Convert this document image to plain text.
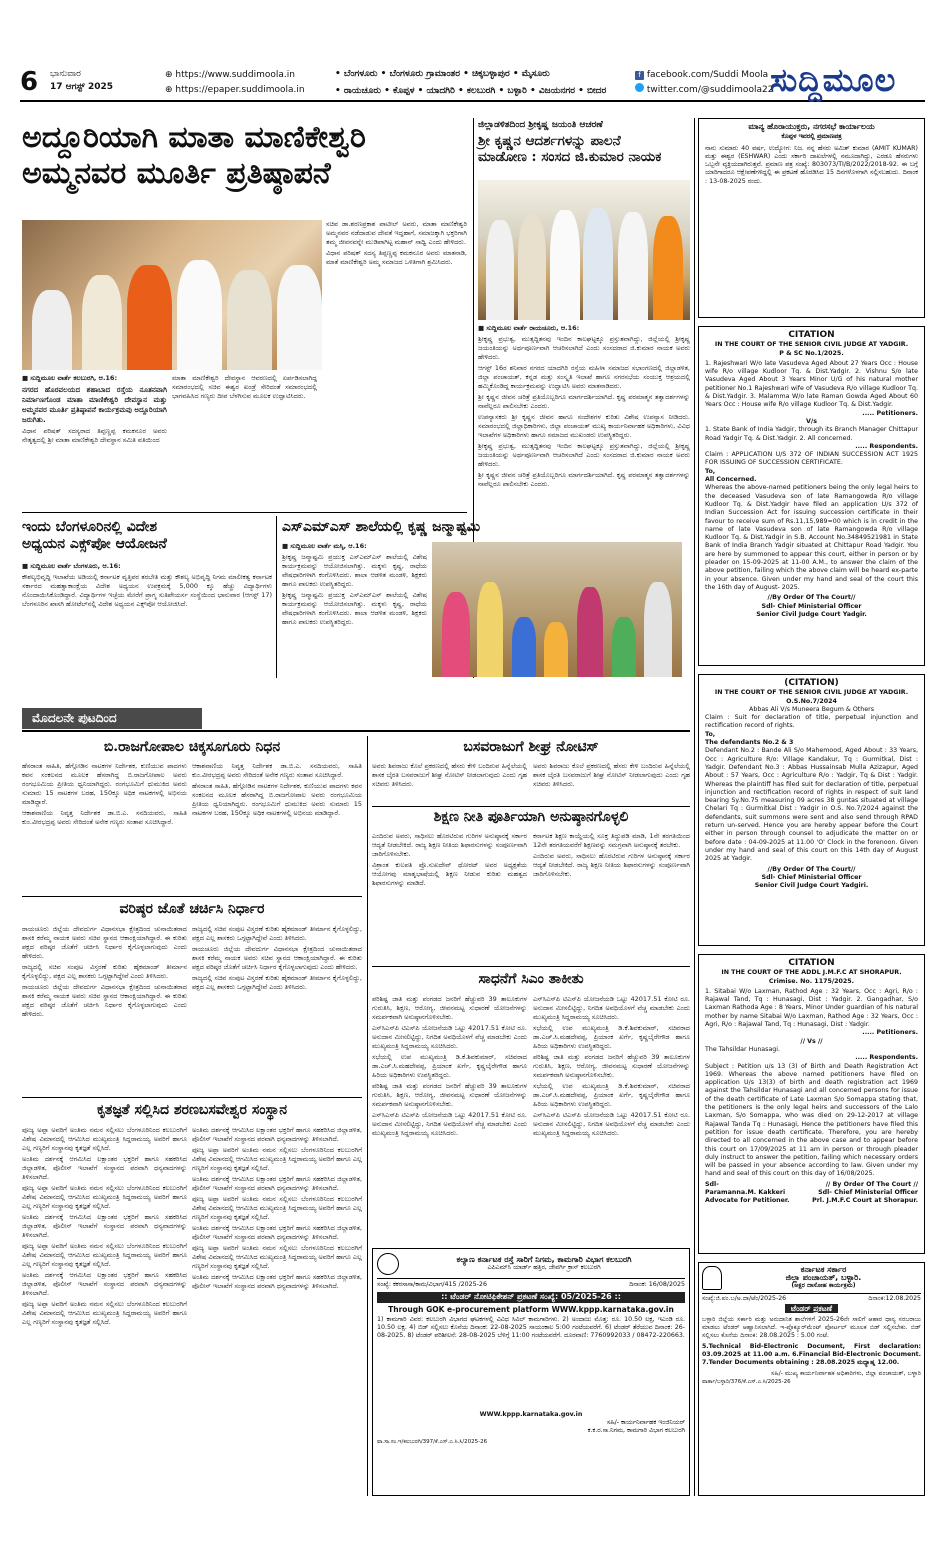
6 ಭಾನುವಾರ
17 ಆಗಸ್ಟ್ 2025
⊕ https://www.suddimoola.in
⊕ https://epaper.suddimoola.in
• ಬೆಂಗಳೂರು • ಬೆಂಗಳೂರು ಗ್ರಾಮಾಂತರ • ಚಿಕ್ಕಬಳ್ಳಾಪುರ • ಮೈಸೂರು
• ರಾಯಚೂರು • ಕೊಪ್ಪಳ • ಯಾದಗಿರಿ • ಕಲಬುರಗಿ • ಬಳ್ಳಾರಿ • ವಿಜಯನಗರ • ಬೀದರ
f facebook.com/Suddi Moola
twitter.com/@suddimoola22
ಸುದ್ದಿಮೂಲ
ಅದ್ದೂರಿಯಾಗಿ ಮಾತಾ ಮಾಣಿಕೇಶ್ವರಿ
ಅಮ್ಮನವರ ಮೂರ್ತಿ ಪ್ರತಿಷ್ಠಾಪನೆ

■ ಸುದ್ದಿಮೂಲ ವಾರ್ತೆ ಕಲಬುರಗಿ, ಆ.16:

ನಗರದ ಹೊರವಲಯದ ಶಹಾಬಾದ ರಸ್ತೆಯ ನೂತನವಾಗಿ ನಿರ್ಮಾಣಗೊಂಡ ಮಾತಾ ಮಾಣಿಕೇಶ್ವರಿ ದೇವಸ್ಥಾನ ಮತ್ತು ಅಮ್ಮನವರ ಮೂರ್ತಿ ಪ್ರತಿಷ್ಠಾಪನೆ ಕಾರ್ಯಕ್ರಮವು ಅದ್ದೂರಿಯಾಗಿ ಜರುಗಿತು.

ವಿಧಾನ ಪರಿಷತ್ ಸದಸ್ಯರಾದ ತಿಪ್ಪಣ್ಣಪ್ಪ ಕಮಕನೂರ ಅವರು ನೇತೃತ್ವದಲ್ಲಿ ಶ್ರೀ ಮಾತಾ ಮಾಣಿಕೇಶ್ವರಿ ದೇವಸ್ಥಾನ ಸಮಿತಿ ವತಿಯಿಂದ

ಮಾತಾ ಮಾಣಿಕೇಶ್ವರಿ ದೇವಸ್ಥಾನ ಆವರಣದಲ್ಲಿ ಏರ್ಪಡಿಸಲಾಗಿದ್ದ ಸಮಾರಂಭದಲ್ಲಿ ಸಚಿವ ಈಶ್ವರ ಖಂಡ್ರೆ ಸೇರಿದಂತೆ ಸಮಾರಂಭದಲ್ಲಿ ಭಾಗವಹಿಸಿದ ಗಣ್ಯರು ದೀಪ ಬೆಳಗಿಸುವ ಮೂಲಕ ಉದ್ಘಾಟಿಸಿದರು.

ಸಚಿವ ಡಾ.ಶರಣಪ್ರಕಾಶ ಪಾಟೀಲ್ ಅವರು, ಮಾತಾ ಮಾಣಿಕೇಶ್ವರಿ ಅಮ್ಮನವರ ನಡೆದಾಡುವ ದೇವತೆ ಇದ್ದಹಾಗೆ, ಸಮಾಜಕ್ಕಾಗಿ ಭಕ್ತರಿಗಾಗಿ ತಮ್ಮ ಜೀವನವನ್ನೇ ಮುಡಿಪಾಗಿಟ್ಟ ಮಹಾನ್ ಸಾಧ್ವಿ ಎಂದು ಹೇಳಿದರು.

ವಿಧಾನ ಪರಿಷತ್ ಸದಸ್ಯ ತಿಪ್ಪಣ್ಣಪ್ಪ ಕಮಕನೂರ ಅವರು ಮಾತನಾಡಿ, ಮಾತೆ ಮಾಣಿಕೇಶ್ವರಿ ಅಮ್ಮ ಸಮಾಜದ ಒಳಿತಿಗಾಗಿ ಶ್ರಮಿಸಿದರು.

ಜಿಲ್ಲಾಡಳಿತದಿಂದ ಶ್ರೀಕೃಷ್ಣ ಜಯಂತಿ ಆಚರಣೆ
ಶ್ರೀ ಕೃಷ್ಣನ ಆದರ್ಶಗಳನ್ನು ಪಾಲನೆ
ಮಾಡೋಣ : ಸಂಸದ ಜಿ.ಕುಮಾರ ನಾಯಕ

■ ಸುದ್ದಿಮೂಲ ವಾರ್ತೆ ರಾಯಚೂರು, ಆ.16:

ಶ್ರೀಕೃಷ್ಣ ಪ್ರಭುತ್ವ, ಮುತ್ಸದ್ದಿತನವು ಇಂದಿನ ಕಾಲಘಟ್ಟಕ್ಕೂ ಪ್ರಸ್ತುತವಾಗಿದ್ದು, ಜಿಲ್ಲೆಯಲ್ಲಿ ಶ್ರೀಕೃಷ್ಣ ಜಯಂತಿಯನ್ನು ಅರ್ಥಪೂರ್ಣವಾಗಿ ಆಚರಿಸಲಾಗಿದೆ ಎಂದು ಸಂಸದರಾದ ಜಿ.ಕುಮಾರ ನಾಯಕ ಅವರು ಹೇಳಿದರು.

ಆಗಸ್ಟ್ 16ರ ಶನಿವಾರ ನಗರದ ಯಾದಗಿರಿ ರಸ್ತೆಯ ಮಹಿಳಾ ಸಮಾಜದ ಸಭಾಂಗಣದಲ್ಲಿ ಜಿಲ್ಲಾಡಳಿತ, ಜಿಲ್ಲಾ ಪಂಚಾಯತ್, ಕನ್ನಡ ಮತ್ತು ಸಂಸ್ಕೃತಿ ಇಲಾಖೆ ಹಾಗೂ ನಗರಸಭೆಯ ಸಂಯುಕ್ತ ಆಶ್ರಯದಲ್ಲಿ ಹಮ್ಮಿಕೊಂಡಿದ್ದ ಕಾರ್ಯಕ್ರಮವನ್ನು ಉದ್ಘಾಟಿಸಿ ಅವರು ಮಾತನಾಡಿದರು.

ಶ್ರೀ ಕೃಷ್ಣನ ಜೀವನ ಚರಿತ್ರೆ ಪ್ರತಿಯೊಬ್ಬರಿಗೂ ಮಾರ್ಗದರ್ಶಿಯಾಗಿದೆ. ಕೃಷ್ಣ ಪರಮಾತ್ಮನ ತತ್ವಾದರ್ಶಗಳನ್ನು ನಾವೆಲ್ಲರೂ ಪಾಲಿಸಬೇಕು ಎಂದರು.

ಉಪನ್ಯಾಸಕರು ಶ್ರೀ ಕೃಷ್ಣನ ಜೀವನ ಹಾಗೂ ಸಂದೇಶಗಳ ಕುರಿತು ವಿಶೇಷ ಉಪನ್ಯಾಸ ನೀಡಿದರು. ಸಮಾರಂಭದಲ್ಲಿ ಜಿಲ್ಲಾಧಿಕಾರಿಗಳು, ಜಿಲ್ಲಾ ಪಂಚಾಯತ್ ಮುಖ್ಯ ಕಾರ್ಯನಿರ್ವಾಹಕ ಅಧಿಕಾರಿಗಳು, ವಿವಿಧ ಇಲಾಖೆಗಳ ಅಧಿಕಾರಿಗಳು ಹಾಗೂ ಸಮಾಜದ ಮುಖಂಡರು ಉಪಸ್ಥಿತರಿದ್ದರು.

ಶ್ರೀಕೃಷ್ಣ ಪ್ರಭುತ್ವ, ಮುತ್ಸದ್ದಿತನವು ಇಂದಿನ ಕಾಲಘಟ್ಟಕ್ಕೂ ಪ್ರಸ್ತುತವಾಗಿದ್ದು, ಜಿಲ್ಲೆಯಲ್ಲಿ ಶ್ರೀಕೃಷ್ಣ ಜಯಂತಿಯನ್ನು ಅರ್ಥಪೂರ್ಣವಾಗಿ ಆಚರಿಸಲಾಗಿದೆ ಎಂದು ಸಂಸದರಾದ ಜಿ.ಕುಮಾರ ನಾಯಕ ಅವರು ಹೇಳಿದರು.

ಶ್ರೀ ಕೃಷ್ಣನ ಜೀವನ ಚರಿತ್ರೆ ಪ್ರತಿಯೊಬ್ಬರಿಗೂ ಮಾರ್ಗದರ್ಶಿಯಾಗಿದೆ. ಕೃಷ್ಣ ಪರಮಾತ್ಮನ ತತ್ವಾದರ್ಶಗಳನ್ನು ನಾವೆಲ್ಲರೂ ಪಾಲಿಸಬೇಕು ಎಂದರು.

ಇಂದು ಬೆಂಗಳೂರಿನಲ್ಲಿ ವಿದೇಶ
ಅಧ್ಯಯನ ಎಕ್ಸ್‌ಪೋ ಆಯೋಜನೆ

■ ಸುದ್ದಿಮೂಲ ವಾರ್ತೆ ಬೆಂಗಳೂರು, ಆ.16:

ಕೌಶಲ್ಯಭಿವೃದ್ಧಿ ಇಲಾಖೆಯ ಅಡಿಯಲ್ಲಿ ಕರ್ನಾಟಕ ವೃತ್ತಿಪರ ತರಬೇತಿ ಮತ್ತು ಕೌಶಲ್ಯ ಅಭಿವೃದ್ಧಿ ನಿಗಮ ಮಾಲೀಕತ್ವ ಕರ್ನಾಟಕ ಸರ್ಕಾರದ ಮಹತ್ವಾಕಾಂಕ್ಷೆಯ ವಿದೇಶ ಅಧ್ಯಯನ ಉಪಕ್ರಮಕ್ಕೆ 5,000 ಕ್ಕೂ ಹೆಚ್ಚು ವಿದ್ಯಾರ್ಥಿಗಳು ನೊಂದಾಯಿಸಿಕೊಂಡಿದ್ದಾರೆ. ವಿದ್ಯಾರ್ಥಿಗಳ ಇಚ್ಛೆಯ ಮೇರೆಗೆ ಪ್ರಾಗ್ಮ ಸುತಿಪೇಯರ್ಸ ಸಂಸ್ಥೆಯಿಂದ ಭಾನುವಾರ (ಆಗಸ್ಟ್ 17) ಬೆಂಗಳೂರಿನ ಖಾಸಗಿ ಹೋಟೆಲ್‌ನಲ್ಲಿ ವಿದೇಶ ಅಧ್ಯಯನ ಎಕ್ಸ್‌ಪೋ ಆಯೋಜಿಸಿದೆ.

ಎಸ್‌ಎಮ್‌ಎಸ್ ಶಾಲೆಯಲ್ಲಿ ಕೃಷ್ಣ ಜನ್ಮಾಷ್ಟಮಿ

■ ಸುದ್ದಿಮೂಲ ವಾರ್ತೆ ಮಸ್ಕಿ, ಆ.16:

ಶ್ರೀಕೃಷ್ಣ ಜನ್ಮಾಷ್ಟಮಿ ಪ್ರಯುಕ್ತ ಎಸ್‌ಎಮ್‌ಎಸ್ ಶಾಲೆಯಲ್ಲಿ ವಿಶೇಷ ಕಾರ್ಯಕ್ರಮವನ್ನು ಆಯೋಜಿಸಲಾಗಿತ್ತು. ಮಕ್ಕಳು ಕೃಷ್ಣ, ರಾಧೆಯ ವೇಷಧಾರಿಗಳಾಗಿ ಕಂಗೊಳಿಸಿದರು. ಶಾಲಾ ಆಡಳಿತ ಮಂಡಳಿ, ಶಿಕ್ಷಕರು ಹಾಗೂ ಪಾಲಕರು ಉಪಸ್ಥಿತರಿದ್ದರು.

ಶ್ರೀಕೃಷ್ಣ ಜನ್ಮಾಷ್ಟಮಿ ಪ್ರಯುಕ್ತ ಎಸ್‌ಎಮ್‌ಎಸ್ ಶಾಲೆಯಲ್ಲಿ ವಿಶೇಷ ಕಾರ್ಯಕ್ರಮವನ್ನು ಆಯೋಜಿಸಲಾಗಿತ್ತು. ಮಕ್ಕಳು ಕೃಷ್ಣ, ರಾಧೆಯ ವೇಷಧಾರಿಗಳಾಗಿ ಕಂಗೊಳಿಸಿದರು. ಶಾಲಾ ಆಡಳಿತ ಮಂಡಳಿ, ಶಿಕ್ಷಕರು ಹಾಗೂ ಪಾಲಕರು ಉಪಸ್ಥಿತರಿದ್ದರು.

ಮೊದಲನೇ ಪುಟದಿಂದ
ಬಿ.ರಾಜಗೋಪಾಲ ಚಿಕ್ಕಸೂಗೂರು ನಿಧನ

ಹೆಸರಾಂತ ಸಾಹಿತಿ, ಹೆಗ್ಗೋಡಿನ ನಾಟಕಗಳ ನಿರ್ದೇಶಕ, ಕುಣಿಯುವ ಪಾದಗಳು ಕವನ ಸಂಕಲನದ ಮೂಲಕ ಹೆಸರಾಗಿದ್ದ ಬಿ.ರಾಜಗೋಪಾಲ ಅವರು ರಂಗಭೂಮಿಯ ಪ್ರೀತಿಯ ಧ್ವನಿಯಾಗಿದ್ದರು. ರಂಗಭೂಮಿಗೆ ಧುಮುಕಿದ ಅವರು ಸುಮಾರು 15 ನಾಟಕಗಳ ಬರಹ, 150ಕ್ಕೂ ಅಧಿಕ ನಾಟಕಗಳಲ್ಲಿ ಅಭಿನಯ ಮಾಡಿದ್ದಾರೆ.

ಆಕಾಶವಾಣಿಯ ನಿವೃತ್ತ ನಿರ್ದೇಶಕ ಡಾ.ಬಿ.ಎ. ಸನದಿಯವರು, ಸಾಹಿತಿ ಕುಂ.ವೀರಭದ್ರಪ್ಪ ಅವರು ಸೇರಿದಂತೆ ಅನೇಕ ಗಣ್ಯರು ಸಂತಾಪ ಸೂಚಿಸಿದ್ದಾರೆ.

ಆಕಾಶವಾಣಿಯ ನಿವೃತ್ತ ನಿರ್ದೇಶಕ ಡಾ.ಬಿ.ಎ. ಸನದಿಯವರು, ಸಾಹಿತಿ ಕುಂ.ವೀರಭದ್ರಪ್ಪ ಅವರು ಸೇರಿದಂತೆ ಅನೇಕ ಗಣ್ಯರು ಸಂತಾಪ ಸೂಚಿಸಿದ್ದಾರೆ.

ಹೆಸರಾಂತ ಸಾಹಿತಿ, ಹೆಗ್ಗೋಡಿನ ನಾಟಕಗಳ ನಿರ್ದೇಶಕ, ಕುಣಿಯುವ ಪಾದಗಳು ಕವನ ಸಂಕಲನದ ಮೂಲಕ ಹೆಸರಾಗಿದ್ದ ಬಿ.ರಾಜಗೋಪಾಲ ಅವರು ರಂಗಭೂಮಿಯ ಪ್ರೀತಿಯ ಧ್ವನಿಯಾಗಿದ್ದರು. ರಂಗಭೂಮಿಗೆ ಧುಮುಕಿದ ಅವರು ಸುಮಾರು 15 ನಾಟಕಗಳ ಬರಹ, 150ಕ್ಕೂ ಅಧಿಕ ನಾಟಕಗಳಲ್ಲಿ ಅಭಿನಯ ಮಾಡಿದ್ದಾರೆ.

ವರಿಷ್ಠರ ಜೊತೆ ಚರ್ಚಿಸಿ ನಿರ್ಧಾರ

ರಾಯಚೂರು ಜಿಲ್ಲೆಯ ದೇವದುರ್ಗ ವಿಧಾನಸಭಾ ಕ್ಷೇತ್ರದಿಂದ ಚುನಾಯಿತರಾದ ಶಾಸಕಿ ಕರೆಮ್ಮ ನಾಯಕ ಅವರು ಸಚಿವ ಸ್ಥಾನದ ಆಕಾಂಕ್ಷಿಯಾಗಿದ್ದಾರೆ. ಈ ಕುರಿತು ಪಕ್ಷದ ವರಿಷ್ಠರ ಜೊತೆಗೆ ಚರ್ಚಿಸಿ ನಿರ್ಧಾರ ಕೈಗೊಳ್ಳಲಾಗುವುದು ಎಂದು ಹೇಳಿದರು.

ರಾಜ್ಯದಲ್ಲಿ ಸಚಿವ ಸಂಪುಟ ವಿಸ್ತರಣೆ ಕುರಿತು ಹೈಕಮಾಂಡ್ ತೀರ್ಮಾನ ಕೈಗೊಳ್ಳಲಿದ್ದು, ಪಕ್ಷದ ಎಲ್ಲ ಶಾಸಕರು ಒಗ್ಗಟ್ಟಾಗಿದ್ದೇವೆ ಎಂದು ತಿಳಿಸಿದರು.

ರಾಯಚೂರು ಜಿಲ್ಲೆಯ ದೇವದುರ್ಗ ವಿಧಾನಸಭಾ ಕ್ಷೇತ್ರದಿಂದ ಚುನಾಯಿತರಾದ ಶಾಸಕಿ ಕರೆಮ್ಮ ನಾಯಕ ಅವರು ಸಚಿವ ಸ್ಥಾನದ ಆಕಾಂಕ್ಷಿಯಾಗಿದ್ದಾರೆ. ಈ ಕುರಿತು ಪಕ್ಷದ ವರಿಷ್ಠರ ಜೊತೆಗೆ ಚರ್ಚಿಸಿ ನಿರ್ಧಾರ ಕೈಗೊಳ್ಳಲಾಗುವುದು ಎಂದು ಹೇಳಿದರು.

ರಾಜ್ಯದಲ್ಲಿ ಸಚಿವ ಸಂಪುಟ ವಿಸ್ತರಣೆ ಕುರಿತು ಹೈಕಮಾಂಡ್ ತೀರ್ಮಾನ ಕೈಗೊಳ್ಳಲಿದ್ದು, ಪಕ್ಷದ ಎಲ್ಲ ಶಾಸಕರು ಒಗ್ಗಟ್ಟಾಗಿದ್ದೇವೆ ಎಂದು ತಿಳಿಸಿದರು.

ರಾಯಚೂರು ಜಿಲ್ಲೆಯ ದೇವದುರ್ಗ ವಿಧಾನಸಭಾ ಕ್ಷೇತ್ರದಿಂದ ಚುನಾಯಿತರಾದ ಶಾಸಕಿ ಕರೆಮ್ಮ ನಾಯಕ ಅವರು ಸಚಿವ ಸ್ಥಾನದ ಆಕಾಂಕ್ಷಿಯಾಗಿದ್ದಾರೆ. ಈ ಕುರಿತು ಪಕ್ಷದ ವರಿಷ್ಠರ ಜೊತೆಗೆ ಚರ್ಚಿಸಿ ನಿರ್ಧಾರ ಕೈಗೊಳ್ಳಲಾಗುವುದು ಎಂದು ಹೇಳಿದರು.

ರಾಜ್ಯದಲ್ಲಿ ಸಚಿವ ಸಂಪುಟ ವಿಸ್ತರಣೆ ಕುರಿತು ಹೈಕಮಾಂಡ್ ತೀರ್ಮಾನ ಕೈಗೊಳ್ಳಲಿದ್ದು, ಪಕ್ಷದ ಎಲ್ಲ ಶಾಸಕರು ಒಗ್ಗಟ್ಟಾಗಿದ್ದೇವೆ ಎಂದು ತಿಳಿಸಿದರು.

ಕೃತಜ್ಞತೆ ಸಲ್ಲಿಸಿದ ಶರಣಬಸವೇಶ್ವರ ಸಂಸ್ಥಾನ

ಪೂಜ್ಯ ಅಪ್ಪಾ ಅವರಿಗೆ ಅಂತಿಮ ನಮನ ಸಲ್ಲಿಸಲು ಬೆಂಗಳೂರಿನಿಂದ ಕಲಬುರಗಿಗೆ ವಿಶೇಷ ವಿಮಾನದಲ್ಲಿ ಆಗಮಿಸಿದ ಮುಖ್ಯಮಂತ್ರಿ ಸಿದ್ದರಾಮಯ್ಯ ಅವರಿಗೆ ಹಾಗೂ ಎಲ್ಲ ಗಣ್ಯರಿಗೆ ಸಂಸ್ಥಾನವು ಕೃತಜ್ಞತೆ ಸಲ್ಲಿಸಿದೆ.

ಅಂತಿಮ ದರ್ಶನಕ್ಕೆ ಆಗಮಿಸಿದ ಲಕ್ಷಾಂತರ ಭಕ್ತರಿಗೆ ಹಾಗೂ ಸಹಕರಿಸಿದ ಜಿಲ್ಲಾಡಳಿತ, ಪೊಲೀಸ್ ಇಲಾಖೆಗೆ ಸಂಸ್ಥಾನದ ಪರವಾಗಿ ಧನ್ಯವಾದಗಳನ್ನು ತಿಳಿಸಲಾಗಿದೆ.

ಪೂಜ್ಯ ಅಪ್ಪಾ ಅವರಿಗೆ ಅಂತಿಮ ನಮನ ಸಲ್ಲಿಸಲು ಬೆಂಗಳೂರಿನಿಂದ ಕಲಬುರಗಿಗೆ ವಿಶೇಷ ವಿಮಾನದಲ್ಲಿ ಆಗಮಿಸಿದ ಮುಖ್ಯಮಂತ್ರಿ ಸಿದ್ದರಾಮಯ್ಯ ಅವರಿಗೆ ಹಾಗೂ ಎಲ್ಲ ಗಣ್ಯರಿಗೆ ಸಂಸ್ಥಾನವು ಕೃತಜ್ಞತೆ ಸಲ್ಲಿಸಿದೆ.

ಅಂತಿಮ ದರ್ಶನಕ್ಕೆ ಆಗಮಿಸಿದ ಲಕ್ಷಾಂತರ ಭಕ್ತರಿಗೆ ಹಾಗೂ ಸಹಕರಿಸಿದ ಜಿಲ್ಲಾಡಳಿತ, ಪೊಲೀಸ್ ಇಲಾಖೆಗೆ ಸಂಸ್ಥಾನದ ಪರವಾಗಿ ಧನ್ಯವಾದಗಳನ್ನು ತಿಳಿಸಲಾಗಿದೆ.

ಪೂಜ್ಯ ಅಪ್ಪಾ ಅವರಿಗೆ ಅಂತಿಮ ನಮನ ಸಲ್ಲಿಸಲು ಬೆಂಗಳೂರಿನಿಂದ ಕಲಬುರಗಿಗೆ ವಿಶೇಷ ವಿಮಾನದಲ್ಲಿ ಆಗಮಿಸಿದ ಮುಖ್ಯಮಂತ್ರಿ ಸಿದ್ದರಾಮಯ್ಯ ಅವರಿಗೆ ಹಾಗೂ ಎಲ್ಲ ಗಣ್ಯರಿಗೆ ಸಂಸ್ಥಾನವು ಕೃತಜ್ಞತೆ ಸಲ್ಲಿಸಿದೆ.

ಅಂತಿಮ ದರ್ಶನಕ್ಕೆ ಆಗಮಿಸಿದ ಲಕ್ಷಾಂತರ ಭಕ್ತರಿಗೆ ಹಾಗೂ ಸಹಕರಿಸಿದ ಜಿಲ್ಲಾಡಳಿತ, ಪೊಲೀಸ್ ಇಲಾಖೆಗೆ ಸಂಸ್ಥಾನದ ಪರವಾಗಿ ಧನ್ಯವಾದಗಳನ್ನು ತಿಳಿಸಲಾಗಿದೆ.

ಪೂಜ್ಯ ಅಪ್ಪಾ ಅವರಿಗೆ ಅಂತಿಮ ನಮನ ಸಲ್ಲಿಸಲು ಬೆಂಗಳೂರಿನಿಂದ ಕಲಬುರಗಿಗೆ ವಿಶೇಷ ವಿಮಾನದಲ್ಲಿ ಆಗಮಿಸಿದ ಮುಖ್ಯಮಂತ್ರಿ ಸಿದ್ದರಾಮಯ್ಯ ಅವರಿಗೆ ಹಾಗೂ ಎಲ್ಲ ಗಣ್ಯರಿಗೆ ಸಂಸ್ಥಾನವು ಕೃತಜ್ಞತೆ ಸಲ್ಲಿಸಿದೆ.

ಅಂತಿಮ ದರ್ಶನಕ್ಕೆ ಆಗಮಿಸಿದ ಲಕ್ಷಾಂತರ ಭಕ್ತರಿಗೆ ಹಾಗೂ ಸಹಕರಿಸಿದ ಜಿಲ್ಲಾಡಳಿತ, ಪೊಲೀಸ್ ಇಲಾಖೆಗೆ ಸಂಸ್ಥಾನದ ಪರವಾಗಿ ಧನ್ಯವಾದಗಳನ್ನು ತಿಳಿಸಲಾಗಿದೆ.

ಪೂಜ್ಯ ಅಪ್ಪಾ ಅವರಿಗೆ ಅಂತಿಮ ನಮನ ಸಲ್ಲಿಸಲು ಬೆಂಗಳೂರಿನಿಂದ ಕಲಬುರಗಿಗೆ ವಿಶೇಷ ವಿಮಾನದಲ್ಲಿ ಆಗಮಿಸಿದ ಮುಖ್ಯಮಂತ್ರಿ ಸಿದ್ದರಾಮಯ್ಯ ಅವರಿಗೆ ಹಾಗೂ ಎಲ್ಲ ಗಣ್ಯರಿಗೆ ಸಂಸ್ಥಾನವು ಕೃತಜ್ಞತೆ ಸಲ್ಲಿಸಿದೆ.

ಅಂತಿಮ ದರ್ಶನಕ್ಕೆ ಆಗಮಿಸಿದ ಲಕ್ಷಾಂತರ ಭಕ್ತರಿಗೆ ಹಾಗೂ ಸಹಕರಿಸಿದ ಜಿಲ್ಲಾಡಳಿತ, ಪೊಲೀಸ್ ಇಲಾಖೆಗೆ ಸಂಸ್ಥಾನದ ಪರವಾಗಿ ಧನ್ಯವಾದಗಳನ್ನು ತಿಳಿಸಲಾಗಿದೆ.

ಪೂಜ್ಯ ಅಪ್ಪಾ ಅವರಿಗೆ ಅಂತಿಮ ನಮನ ಸಲ್ಲಿಸಲು ಬೆಂಗಳೂರಿನಿಂದ ಕಲಬುರಗಿಗೆ ವಿಶೇಷ ವಿಮಾನದಲ್ಲಿ ಆಗಮಿಸಿದ ಮುಖ್ಯಮಂತ್ರಿ ಸಿದ್ದರಾಮಯ್ಯ ಅವರಿಗೆ ಹಾಗೂ ಎಲ್ಲ ಗಣ್ಯರಿಗೆ ಸಂಸ್ಥಾನವು ಕೃತಜ್ಞತೆ ಸಲ್ಲಿಸಿದೆ.

ಅಂತಿಮ ದರ್ಶನಕ್ಕೆ ಆಗಮಿಸಿದ ಲಕ್ಷಾಂತರ ಭಕ್ತರಿಗೆ ಹಾಗೂ ಸಹಕರಿಸಿದ ಜಿಲ್ಲಾಡಳಿತ, ಪೊಲೀಸ್ ಇಲಾಖೆಗೆ ಸಂಸ್ಥಾನದ ಪರವಾಗಿ ಧನ್ಯವಾದಗಳನ್ನು ತಿಳಿಸಲಾಗಿದೆ.

ಪೂಜ್ಯ ಅಪ್ಪಾ ಅವರಿಗೆ ಅಂತಿಮ ನಮನ ಸಲ್ಲಿಸಲು ಬೆಂಗಳೂರಿನಿಂದ ಕಲಬುರಗಿಗೆ ವಿಶೇಷ ವಿಮಾನದಲ್ಲಿ ಆಗಮಿಸಿದ ಮುಖ್ಯಮಂತ್ರಿ ಸಿದ್ದರಾಮಯ್ಯ ಅವರಿಗೆ ಹಾಗೂ ಎಲ್ಲ ಗಣ್ಯರಿಗೆ ಸಂಸ್ಥಾನವು ಕೃತಜ್ಞತೆ ಸಲ್ಲಿಸಿದೆ.

ಅಂತಿಮ ದರ್ಶನಕ್ಕೆ ಆಗಮಿಸಿದ ಲಕ್ಷಾಂತರ ಭಕ್ತರಿಗೆ ಹಾಗೂ ಸಹಕರಿಸಿದ ಜಿಲ್ಲಾಡಳಿತ, ಪೊಲೀಸ್ ಇಲಾಖೆಗೆ ಸಂಸ್ಥಾನದ ಪರವಾಗಿ ಧನ್ಯವಾದಗಳನ್ನು ತಿಳಿಸಲಾಗಿದೆ.

ಬಸವರಾಜುಗೆ ಶೀಘ್ರ ನೋಟಿಸ್

ಅವರು ಶಿವರಾಜು ಕೊಲೆ ಪ್ರಕರಣದಲ್ಲಿ ಹೆಸರು ಕೇಳಿ ಬಂದಿರುವ ಹಿನ್ನೆಲೆಯಲ್ಲಿ ಶಾಸಕ ಬೈರತಿ ಬಸವರಾಜುಗೆ ಶೀಘ್ರ ನೋಟಿಸ್ ನೀಡಲಾಗುವುದು ಎಂದು ಗೃಹ ಸಚಿವರು ತಿಳಿಸಿದರು.

ಅವರು ಶಿವರಾಜು ಕೊಲೆ ಪ್ರಕರಣದಲ್ಲಿ ಹೆಸರು ಕೇಳಿ ಬಂದಿರುವ ಹಿನ್ನೆಲೆಯಲ್ಲಿ ಶಾಸಕ ಬೈರತಿ ಬಸವರಾಜುಗೆ ಶೀಘ್ರ ನೋಟಿಸ್ ನೀಡಲಾಗುವುದು ಎಂದು ಗೃಹ ಸಚಿವರು ತಿಳಿಸಿದರು.

ಶಿಕ್ಷಣ ನೀತಿ ಪೂರ್ತಿಯಾಗಿ ಅನುಷ್ಠಾನಗೊಳ್ಳಲಿ

ಎಂದಿರುವ ಅವರು, ಸಾಧಿಸಲು ಹೊರಟಿರುವ ಗುರಿಗಳ ಅನುಷ್ಠಾನಕ್ಕೆ ಸರ್ಕಾರ ಆದ್ಯತೆ ನೀಡಬೇಕಿದೆ. ರಾಜ್ಯ ಶಿಕ್ಷಣ ನೀತಿಯ ಶಿಫಾರಸುಗಳನ್ನು ಸಂಪೂರ್ಣವಾಗಿ ಜಾರಿಗೊಳಿಸಬೇಕು.

ವಿಶ್ರಾಂತ ಕುಲಪತಿ ಪ್ರೊ.ಸುಖದೇವ್ ಥೋರಟ್ ಅವರ ಅಧ್ಯಕ್ಷತೆಯ ಆಯೋಗವು ಮಾತೃಭಾಷೆಯಲ್ಲಿ ಶಿಕ್ಷಣ ನೀಡುವ ಕುರಿತು ಮಹತ್ವದ ಶಿಫಾರಸುಗಳನ್ನು ಮಾಡಿದೆ.

ಕರ್ನಾಟಕ ಶಿಕ್ಷಣ ಕಾಯ್ದೆಯಲ್ಲಿ ಸೂಕ್ತ ತಿದ್ದುಪಡಿ ಮಾಡಿ, 1ನೇ ತರಗತಿಯಿಂದ 12ನೇ ತರಗತಿಯವರೆಗೆ ಶಿಕ್ಷಣವನ್ನು ಸಮಗ್ರವಾಗಿ ಅನುಷ್ಠಾನಕ್ಕೆ ತರಬೇಕು.

ಎಂದಿರುವ ಅವರು, ಸಾಧಿಸಲು ಹೊರಟಿರುವ ಗುರಿಗಳ ಅನುಷ್ಠಾನಕ್ಕೆ ಸರ್ಕಾರ ಆದ್ಯತೆ ನೀಡಬೇಕಿದೆ. ರಾಜ್ಯ ಶಿಕ್ಷಣ ನೀತಿಯ ಶಿಫಾರಸುಗಳನ್ನು ಸಂಪೂರ್ಣವಾಗಿ ಜಾರಿಗೊಳಿಸಬೇಕು.

ಸಾಧನೆಗೆ ಸಿಎಂ ತಾಕೀತು

ಪರಿಶಿಷ್ಟ ಜಾತಿ ಮತ್ತು ಪಂಗಡದ ಜನರಿಗೆ ಹೆಚ್ಚುವರಿ 39 ತಾಲೂಕುಗಳ ಗುರುತಿಸಿ, ಶಿಕ್ಷಣ, ಆರೋಗ್ಯ, ಜೀವನಮಟ್ಟ ಸುಧಾರಣೆ ಯೋಜನೆಗಳನ್ನು ಸಮರ್ಪಕವಾಗಿ ಅನುಷ್ಠಾನಗೊಳಿಸಬೇಕು.

ಎಸ್‌ಸಿಎಸ್‌ಪಿ ಟಿಎಸ್‌ಪಿ ಯೋಜನೆಯಡಿ ಒಟ್ಟು 42017.51 ಕೋಟಿ ರೂ. ಅನುದಾನ ಮೀಸಲಿಟ್ಟಿದ್ದು, ನಿಗದಿತ ಅವಧಿಯೊಳಗೆ ವೆಚ್ಚ ಮಾಡಬೇಕು ಎಂದು ಮುಖ್ಯಮಂತ್ರಿ ಸಿದ್ದರಾಮಯ್ಯ ಸೂಚಿಸಿದರು.

ಸಭೆಯಲ್ಲಿ ಉಪ ಮುಖ್ಯಮಂತ್ರಿ ಡಿ.ಕೆ.ಶಿವಕುಮಾರ್, ಸಚಿವರಾದ ಡಾ.ಎಚ್.ಸಿ.ಮಹದೇವಪ್ಪ, ಪ್ರಿಯಾಂಕ ಖರ್ಗೆ, ಕೃಷ್ಣಬೈರೇಗೌಡ ಹಾಗೂ ಹಿರಿಯ ಅಧಿಕಾರಿಗಳು ಉಪಸ್ಥಿತರಿದ್ದರು.

ಪರಿಶಿಷ್ಟ ಜಾತಿ ಮತ್ತು ಪಂಗಡದ ಜನರಿಗೆ ಹೆಚ್ಚುವರಿ 39 ತಾಲೂಕುಗಳ ಗುರುತಿಸಿ, ಶಿಕ್ಷಣ, ಆರೋಗ್ಯ, ಜೀವನಮಟ್ಟ ಸುಧಾರಣೆ ಯೋಜನೆಗಳನ್ನು ಸಮರ್ಪಕವಾಗಿ ಅನುಷ್ಠಾನಗೊಳಿಸಬೇಕು.

ಎಸ್‌ಸಿಎಸ್‌ಪಿ ಟಿಎಸ್‌ಪಿ ಯೋಜನೆಯಡಿ ಒಟ್ಟು 42017.51 ಕೋಟಿ ರೂ. ಅನುದಾನ ಮೀಸಲಿಟ್ಟಿದ್ದು, ನಿಗದಿತ ಅವಧಿಯೊಳಗೆ ವೆಚ್ಚ ಮಾಡಬೇಕು ಎಂದು ಮುಖ್ಯಮಂತ್ರಿ ಸಿದ್ದರಾಮಯ್ಯ ಸೂಚಿಸಿದರು.

ಎಸ್‌ಸಿಎಸ್‌ಪಿ ಟಿಎಸ್‌ಪಿ ಯೋಜನೆಯಡಿ ಒಟ್ಟು 42017.51 ಕೋಟಿ ರೂ. ಅನುದಾನ ಮೀಸಲಿಟ್ಟಿದ್ದು, ನಿಗದಿತ ಅವಧಿಯೊಳಗೆ ವೆಚ್ಚ ಮಾಡಬೇಕು ಎಂದು ಮುಖ್ಯಮಂತ್ರಿ ಸಿದ್ದರಾಮಯ್ಯ ಸೂಚಿಸಿದರು.

ಸಭೆಯಲ್ಲಿ ಉಪ ಮುಖ್ಯಮಂತ್ರಿ ಡಿ.ಕೆ.ಶಿವಕುಮಾರ್, ಸಚಿವರಾದ ಡಾ.ಎಚ್.ಸಿ.ಮಹದೇವಪ್ಪ, ಪ್ರಿಯಾಂಕ ಖರ್ಗೆ, ಕೃಷ್ಣಬೈರೇಗೌಡ ಹಾಗೂ ಹಿರಿಯ ಅಧಿಕಾರಿಗಳು ಉಪಸ್ಥಿತರಿದ್ದರು.

ಪರಿಶಿಷ್ಟ ಜಾತಿ ಮತ್ತು ಪಂಗಡದ ಜನರಿಗೆ ಹೆಚ್ಚುವರಿ 39 ತಾಲೂಕುಗಳ ಗುರುತಿಸಿ, ಶಿಕ್ಷಣ, ಆರೋಗ್ಯ, ಜೀವನಮಟ್ಟ ಸುಧಾರಣೆ ಯೋಜನೆಗಳನ್ನು ಸಮರ್ಪಕವಾಗಿ ಅನುಷ್ಠಾನಗೊಳಿಸಬೇಕು.

ಸಭೆಯಲ್ಲಿ ಉಪ ಮುಖ್ಯಮಂತ್ರಿ ಡಿ.ಕೆ.ಶಿವಕುಮಾರ್, ಸಚಿವರಾದ ಡಾ.ಎಚ್.ಸಿ.ಮಹದೇವಪ್ಪ, ಪ್ರಿಯಾಂಕ ಖರ್ಗೆ, ಕೃಷ್ಣಬೈರೇಗೌಡ ಹಾಗೂ ಹಿರಿಯ ಅಧಿಕಾರಿಗಳು ಉಪಸ್ಥಿತರಿದ್ದರು.

ಎಸ್‌ಸಿಎಸ್‌ಪಿ ಟಿಎಸ್‌ಪಿ ಯೋಜನೆಯಡಿ ಒಟ್ಟು 42017.51 ಕೋಟಿ ರೂ. ಅನುದಾನ ಮೀಸಲಿಟ್ಟಿದ್ದು, ನಿಗದಿತ ಅವಧಿಯೊಳಗೆ ವೆಚ್ಚ ಮಾಡಬೇಕು ಎಂದು ಮುಖ್ಯಮಂತ್ರಿ ಸಿದ್ದರಾಮಯ್ಯ ಸೂಚಿಸಿದರು.

ಕಲ್ಯಾಣ ಕರ್ನಾಟಕ ರಸ್ತೆ ಸಾರಿಗೆ ನಿಗಮ, ಕಾಮಗಾರಿ ವಿಭಾಗ ಕಲಬುರಗಿ
ಎಪಿಎಮ್‌ಸಿ ಯಾರ್ಡ್ ಹತ್ತಿರ, ಜೇವರ್ಗಿ ಕ್ರಾಸ್ ಕಲಬುರಗಿ
ಸಂಖ್ಯೆ: ಕಕರಸಾಸಾ/ಕಾಮ/ವಿಭಾಗ/415 /2025-26	ದಿನಾಂಕ: 16/08/2025
:: ಟೆಂಡರ್ ನೋಟಿಫಿಕೇಶನ್ ಪ್ರಕಟಣೆ ಸಂಖ್ಯೆ: 05/2025-26 ::
Through GOK e-procurement platform WWW.kppp.karnataka.gov.in
1) ಕಾಮಗಾರಿ ವಿವರ: ಕಲಬುರಗಿ ವಿಭಾಗದ ಘಟಕಗಳಲ್ಲಿ ವಿವಿಧ ಸಿವಿಲ್ ಕಾಮಗಾರಿಗಳು. 2) ಅಂದಾಜು ಮೊತ್ತ: ರೂ. 10.50 ಲಕ್ಷ, ಇಎಂಡಿ ರೂ. 10.50 ಲಕ್ಷ. 4) ಬಿಡ್ ಸಲ್ಲಿಸಲು ಕೊನೆಯ ದಿನಾಂಕ: 22-08-2025 ಸಾಯಂಕಾಲ 5:00 ಗಂಟೆಯವರೆಗೆ. 6) ಟೆಂಡರ್ ತೆರೆಯುವ ದಿನಾಂಕ: 26-08-2025. 8) ಟೆಂಡರ್ ಪರಿಶೀಲನೆ: 28-08-2025 ಬೆಳಿಗ್ಗೆ 11:00 ಗಂಟೆಯವರೆಗೆ. ದೂರವಾಣಿ: 7760992033 / 08472-220663.
WWW.kppp.karnataka.gov.in
ಸಹಿ/- ಕಾರ್ಯನಿರ್ವಾಹಕ ಇಂಜಿನಿಯರ್
ಕ.ಕ.ರ.ಸಾ.ನಿಗಮ, ಕಾಮಗಾರಿ ವಿಭಾಗ ಕಲಬುರಗಿ
ವಾ.ಸಾ.ಸಂ.ಇ/ಕಲಬುರಗಿ/397/ಕೆ.ಎಸ್.ಎ.ಸಿ.ಸಿ/2025-26
ಮಾನ್ಯ ಹೊರಾಯುಕ್ತರು, ನಗರಸಭೆ ಕಾರ್ಯಾಲಯ
ಕೊಪ್ಪಳ ಇವರಲ್ಲಿ ಪ್ರಮಾಣಪತ್ರ
ನಾನು ಸುಮಾರು 40 ವರ್ಷ, ಉದ್ಯೋಗ: ನಿಜ. ನನ್ನ ಹೆಸರು ಅಮಿತ್ ಕುಮಾರ (AMIT KUMAR) ಮತ್ತು ಈಶ್ವರ (ESHWAR) ಎಂದು ಸರ್ಕಾರಿ ದಾಖಲೆಗಳಲ್ಲಿ ನಮೂದಾಗಿದ್ದು, ಎರಡೂ ಹೆಸರುಗಳು ಒಬ್ಬನೇ ವ್ಯಕ್ತಿಯದಾಗಿರುತ್ತವೆ. ಪ್ರಮಾಣ ಪತ್ರ ಸಂಖ್ಯೆ: 803073/TI/B/2022/2018-92. ಈ ಬಗ್ಗೆ ಯಾರಿಗಾದರೂ ಆಕ್ಷೇಪಣೆಗಳಿದ್ದಲ್ಲಿ ಈ ಪ್ರಕಟಣೆ ಹೊರಡಿಸಿದ 15 ದಿನಗಳೊಳಗಾಗಿ ಸಲ್ಲಿಸಬಹುದು. ದಿನಾಂಕ : 13-08-2025 ರಂದು.
CITATION
IN THE COURT OF THE SENIOR CIVIL JUDGE AT YADGIR.
P & SC No.1/2025.
1. Rajeshwari W/o late Vasudeva Aged About 27 Years Occ : House wife R/o village Kudloor Tq. & Dist.Yadgir. 2. Vishnu S/o late Vasudeva Aged About 3 Years Minor U/G of his natural mother petitioner No.1 Rajeshwari wife of Vasudeva R/o village Kudloor Tq. & Dist.Yadgir. 3. Malamma W/o late Raman Gowda Aged About 60 Years Occ : House wife R/o village Kudloor Tq. & Dist.Yadgir.
..... Petitioners.
V/s
1. State Bank of India Yadgir, through its Branch Manager Chittapur Road Yadgir Tq. & Dist.Yadgir. 2. All concerned.
..... Respondents.
Claim : APPLICATION U/S 372 OF INDIAN SUCCESSION ACT 1925 FOR ISSUING OF SUCCESSION CERTIFICATE.
To,
All Concerned.
Whereas the above-named petitioners being the only legal heirs to the deceased Vasudeva son of late Ramangowda R/o village Kudloor Tq. & Dist.Yadgir have filed an application U/s 372 of Indian Succession Act for issuing succession certificate in their favour to receive sum of Rs.11,15,989=00 which is in credit in the name of late Vasudeva son of late Ramangowda R/o village Kudloor Tq. & Dist.Yadgir in S.B. Account No.34849521981 in State Bank of India Branch Yadgir situated at Chittapur Road Yadgir. You are here by summoned to appear this court, either in person or by pleader on 15-09-2025 at 11-00 A.M., to answer the claim of the above petition, failing which the above claim will be heard ex-parte in your absence. Given under my hand and seal of the court this the 16th day of August- 2025.
//By Order Of The Court//
Sdl- Chief Ministerial Officer
Senior Civil Judge Court Yadgir.
(CITATION)
IN THE COURT OF THE SENIOR CIVIL JUDGE AT YADGIR.
O.S.No.7/2024
Abbas Ali V/s Muneera Begum & Others
Claim : Suit for declaration of title, perpetual injunction and rectification record of rights.
To,
The defendants No.2 & 3
Defendant No.2 : Bande Ali S/o Mahemood, Aged About : 33 Years, Occ : Agriculture R/o: Village Kandakur, Tq : Gurmitkal, Dist : Yadgir. Defendant No.3 : Abbas Hussainsab Mulla Azizapur, Aged About : 57 Years, Occ : Agriculture R/o : Yadgir, Tq & Dist : Yadgir. Whereas the plaintiff has filed suit for declaration of title, perpetual injunction and rectification record of rights in respect of suit land bearing Sy.No.75 measuring 09 acres 38 guntas situated at village Chelari Tq : Gurmitkal Dist : Yadgir in O.S. No.7/2024 against the defendants, suit summons were sent and also send through RPAD return un-served. Hence you are hereby appear before the Court either in person through counsel to adjudicate the matter on or before date : 04-09-2025 at 11.00 'O' Clock in the forenoon. Given under my hand and seal of this court on this 14th day of August 2025 at Yadgir.
//By Order Of The Court//
Sdl- Chief Ministerial Officer
Senior Civil Judge Court Yadgiri.
CITATION
IN THE COURT OF THE ADDL J.M.F.C AT SHORAPUR.
Crimise. No. 1175/2025.
1. Sitabai W/o Laxman, Rathod Age : 32 Years, Occ : Agri, R/o : Rajawal Tand, Tq : Hunasagi, Dist : Yadgir. 2. Gangadhar, S/o Laxman Rathoda Age : 8 Years, Minor Under guardian of his natural mother by name Sitabai W/o Laxman, Rathod Age : 32 Years, Occ : Agri, R/o : Rajawal Tand, Tq : Hunasagi, Dist : Yadgir.
..... Petitioners.
// Vs //
The Tahsildar Hunasagi.
..... Respondents.
Subject : Petition u/s 13 (3) of Birth and Death Registration Act 1969. Whereas the above named petitioners have filed on application U/s 13(3) of birth and death registration act 1969 against the Tahsildar Hunasagi and all concerned persons for issue of the death certificate of Late Laxman S/o Somappa stating that, the petitioners is the only legal heirs and successors of the Lalo Laxman, S/o Somappa, who was died on 29-12-2017 at village Rajawal Tanda Tq : Hunasagi, Hence the petitioners have filed this petition for issue death certificate. Therefore, you are hereby directed to all concerned in the above case and to appear before this court on 17/09/2025 at 11 am in person or through pleader duly instruct to answer the petition, failing which necessary orders will be passed in your absence according to law. Given under my hand and seal of this court on this day of 16/08/2025.
Sdl-
Paramanna.M. Kakkeri
Advocate for Petitioner.
// By Order Of The Court //
Sdl- Chief Ministerial Officer
Prl. J.M.F.C Court at Shorapur.
ಕರ್ನಾಟಕ ಸರ್ಕಾರ
ಜಿಲ್ಲಾ ಪಂಚಾಯತ್, ಬಳ್ಳಾರಿ.
(ಅಕ್ಷರ ದಾಸೋಹ ಕಾರ್ಯಕ್ರಮ)
ಸಂಖ್ಯೆ:ಜಿ.ಪಂ.ಬ/ಅ.ದಾ/ಟೆಂ/2025-26	ದಿನಾಂಕ:12.08.2025
ಟೆಂಡರ್ ಪ್ರಕಟಣೆ
ಬಳ್ಳಾರಿ ಜಿಲ್ಲೆಯ ಸರ್ಕಾರಿ ಮತ್ತು ಅನುದಾನಿತ ಶಾಲೆಗಳಿಗೆ 2025-26ನೇ ಸಾಲಿಗೆ ಆಹಾರ ಧಾನ್ಯ ಸರಬರಾಜು ಮಾಡಲು ಟೆಂಡರ್ ಆಹ್ವಾನಿಸಲಾಗಿದೆ. ಇ-ಪ್ರೊಕ್ಯೂರ್‌ಮೆಂಟ್ ಪೋರ್ಟಲ್ ಮೂಲಕ ಬಿಡ್ ಸಲ್ಲಿಸಬೇಕು. ಬಿಡ್ ಸಲ್ಲಿಸಲು ಕೊನೆಯ ದಿನಾಂಕ: 28.08.2025 : 5.00 ಗಂಟೆ.
5.Technical Bid-Electronic Document, First declaration: 03.09.2025 at 11.00 a.m. 6.Financial Bid-Electronic Document. 7.Tender Documents obtaining : 28.08.2025 ಮಧ್ಯಾಹ್ನ 12.00.
ಸಹಿ/- ಮುಖ್ಯ ಕಾರ್ಯನಿರ್ವಾಹಕ ಅಧಿಕಾರಿಗಳು, ಜಿಲ್ಲಾ ಪಂಚಾಯತ್, ಬಳ್ಳಾರಿ
ವಾರ್ತಾ/ಬಳ್ಳಾರಿ/376/ಕೆ.ಎಸ್.ಎ.ಸಿ/2025-26
